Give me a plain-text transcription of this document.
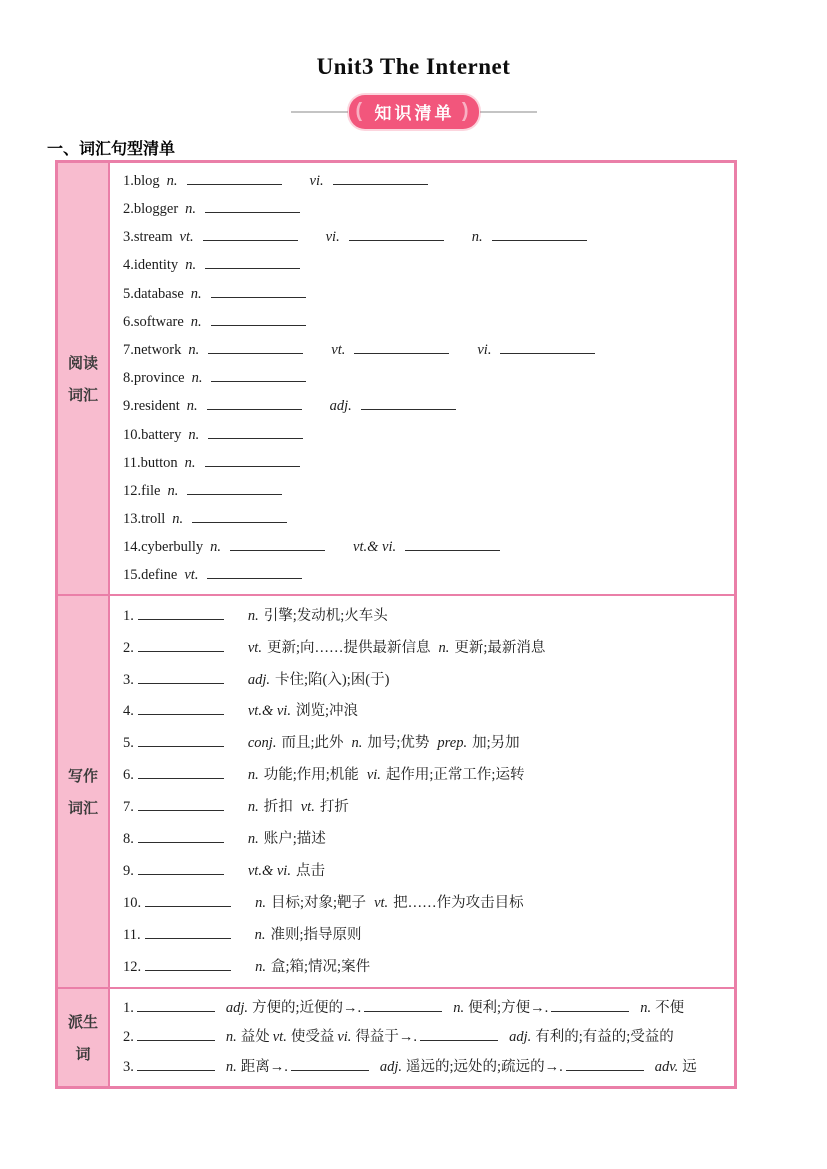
Unit3 The Internet
( 知识清单 )
一、词汇句型清单
阅读
词汇
1.blog n.	vi.
2.blogger n.
3.stream vt.	vi.	n.
4.identity n.
5.database n.
6.software n.
7.network n.	vt.	vi.
8.province n.
9.resident n.	adj.
10.battery n.
11.button n.
12.file n.
13.troll n.
14.cyberbully n.	vt.& vi.
15.define vt.
写作
词汇
1.	n. 引擎;发动机;火车头
2.	vt. 更新;向……提供最新信息 n. 更新;最新消息
3.	adj. 卡住;陷(入);困(于)
4.	vt.& vi. 浏览;冲浪
5.	conj. 而且;此外 n. 加号;优势 prep. 加;另加
6.	n. 功能;作用;机能 vi. 起作用;正常工作;运转
7.	n. 折扣 vt. 打折
8.	n. 账户;描述
9.	vt.& vi. 点击
10.	n. 目标;对象;靶子 vt. 把……作为攻击目标
11.	n. 准则;指导原则
12.	n. 盒;箱;情况;案件
派生
词
1.	adj. 方便的;近便的→.	n. 便利;方便→.	n. 不便
2.	n. 益处 vt. 使受益 vi. 得益于→.	adj. 有利的;有益的;受益的
3.	n. 距离→.	adj. 遥远的;远处的;疏远的→.	adv. 远
